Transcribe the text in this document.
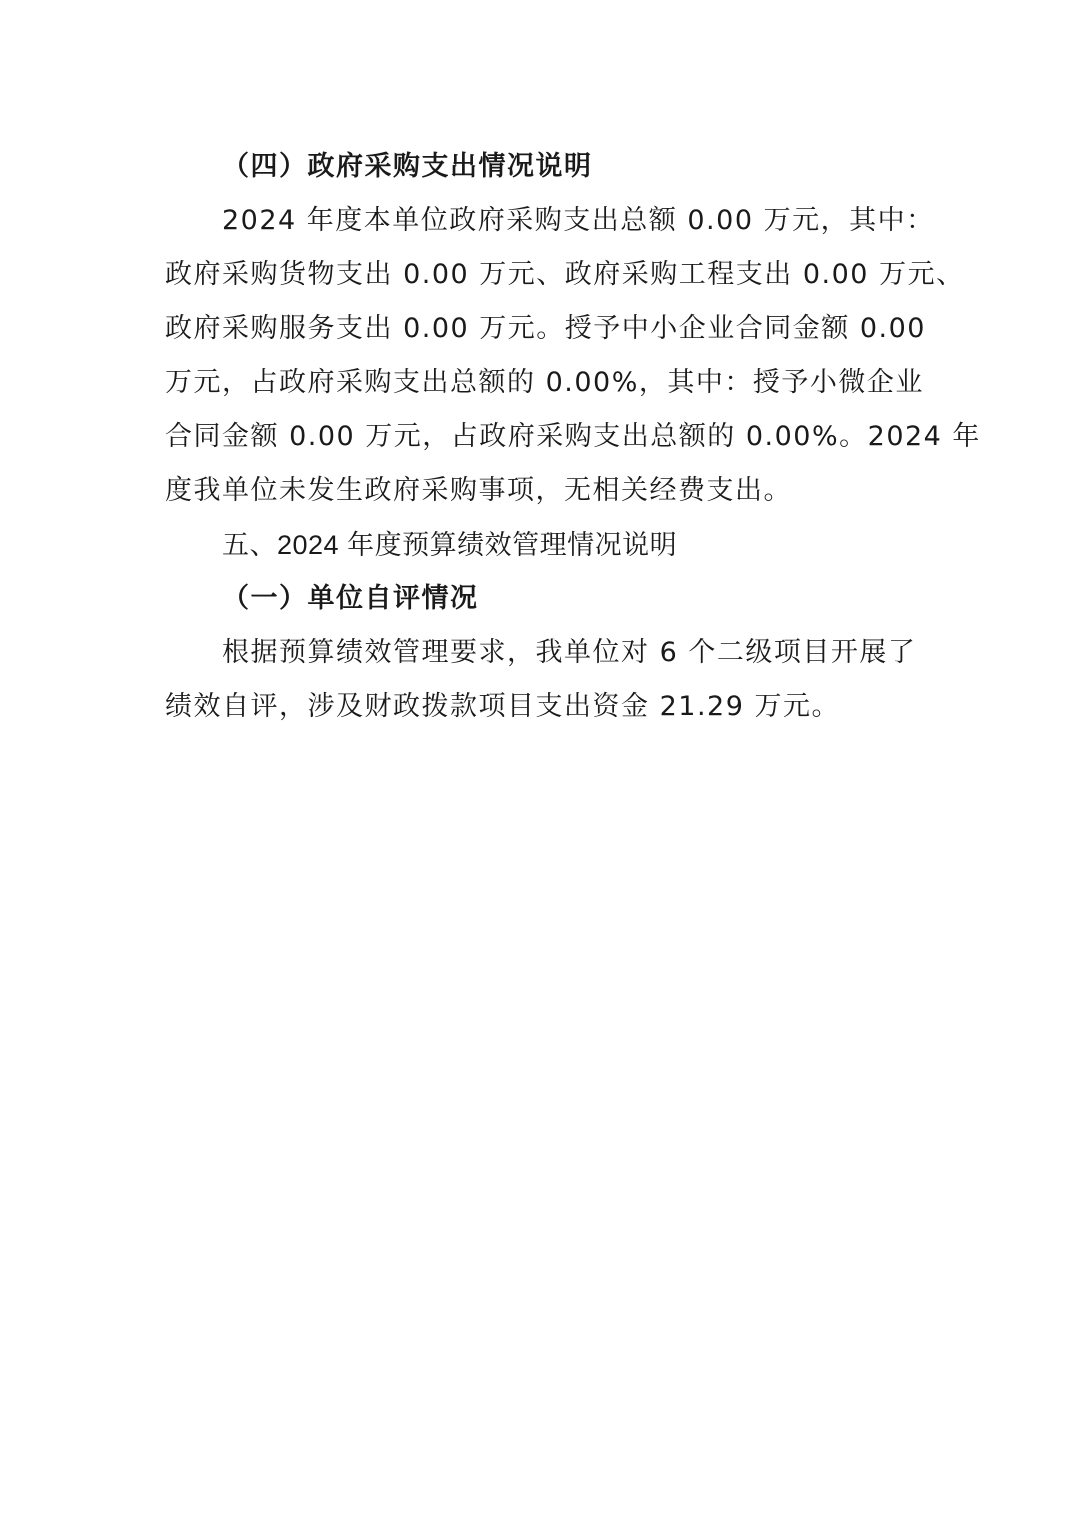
（四）政府采购支出情况说明
2024 年度本单位政府采购支出总额 0.00 万元，其中：
政府采购货物支出 0.00 万元、政府采购工程支出 0.00 万元、
政府采购服务支出 0.00 万元。授予中小企业合同金额 0.00
万元，占政府采购支出总额的 0.00%，其中：授予小微企业
合同金额 0.00 万元，占政府采购支出总额的 0.00%。2024 年
度我单位未发生政府采购事项，无相关经费支出。
五、2024 年度预算绩效管理情况说明
（一）单位自评情况
根据预算绩效管理要求，我单位对 6 个二级项目开展了
绩效自评，涉及财政拨款项目支出资金 21.29 万元。
